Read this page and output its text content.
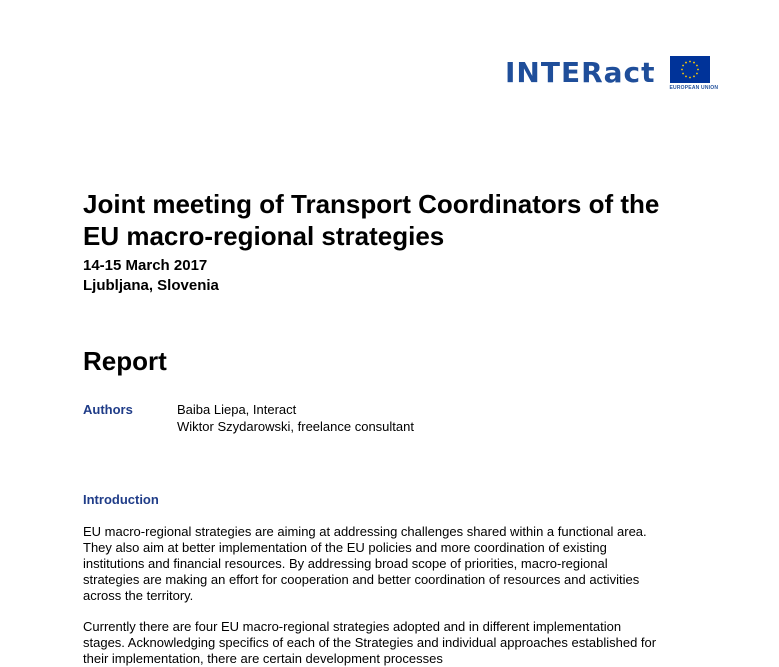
INTERact	EUROPEAN UNION
Joint meeting of Transport Coordinators of the EU macro-regional strategies
14-15 March 2017
Ljubljana, Slovenia
Report
Authors	Baiba Liepa, Interact
Wiktor Szydarowski, freelance consultant
Introduction

EU macro-regional strategies are aiming at addressing challenges shared within a functional area. They also aim at better implementation of the EU policies and more coordination of existing institutions and financial resources. By addressing broad scope of priorities, macro-regional strategies are making an effort for cooperation and better coordination of resources and activities across the territory.

Currently there are four EU macro-regional strategies adopted and in different implementation stages. Acknowledging specifics of each of the Strategies and individual approaches established for their implementation, there are certain development processes
